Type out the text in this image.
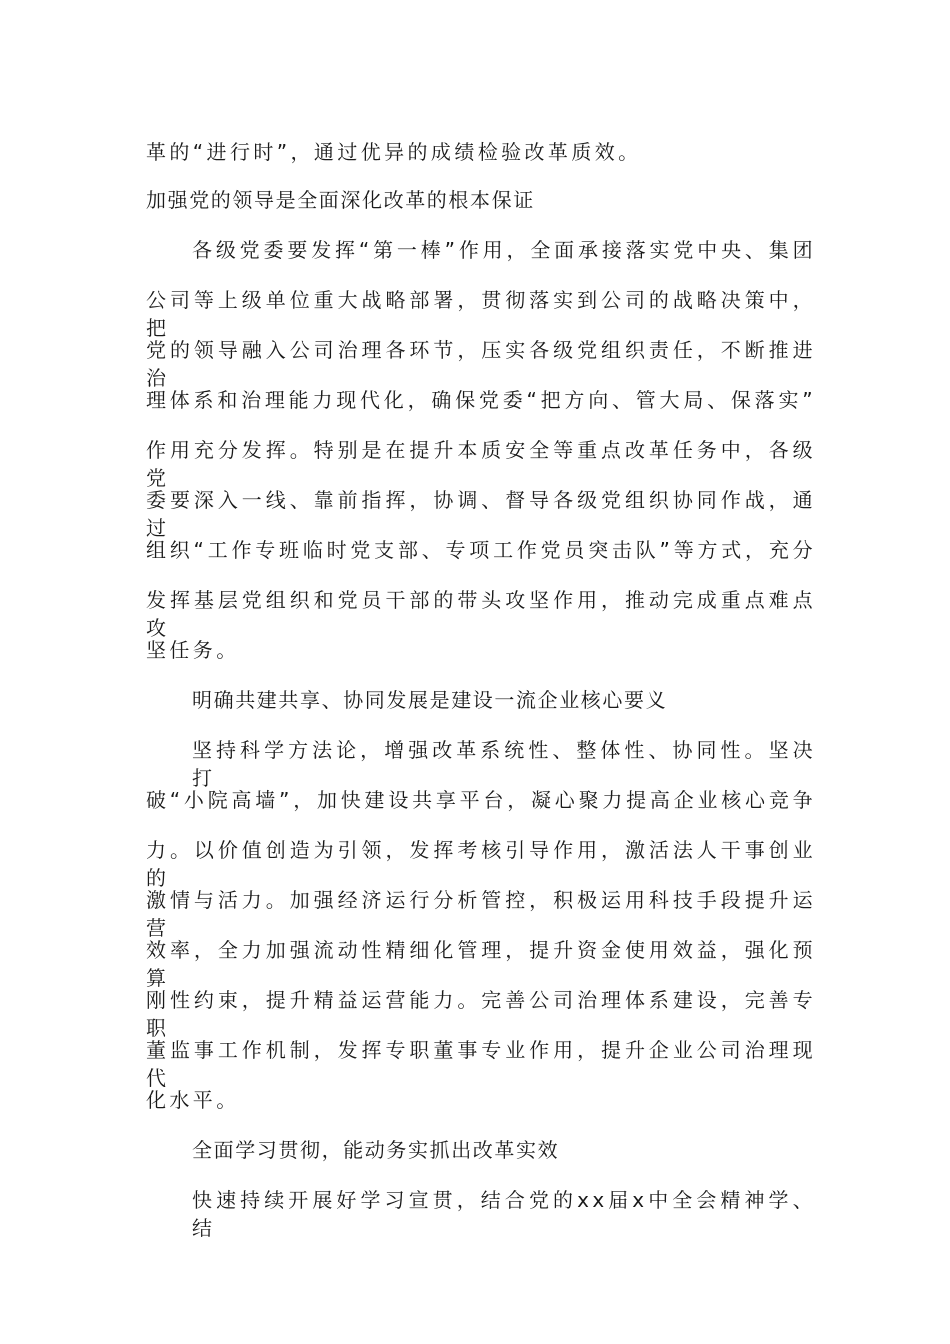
革的“进行时”，通过优异的成绩检验改革质效。
加强党的领导是全面深化改革的根本保证
各级党委要发挥“第一棒”作用，全面承接落实党中央、集团
公司等上级单位重大战略部署，贯彻落实到公司的战略决策中，把
党的领导融入公司治理各环节，压实各级党组织责任，不断推进治
理体系和治理能力现代化，确保党委“把方向、管大局、保落实”
作用充分发挥。特别是在提升本质安全等重点改革任务中，各级党
委要深入一线、靠前指挥，协调、督导各级党组织协同作战，通过
组织“工作专班临时党支部、专项工作党员突击队”等方式，充分
发挥基层党组织和党员干部的带头攻坚作用，推动完成重点难点攻
坚任务。
明确共建共享、协同发展是建设一流企业核心要义
坚持科学方法论，增强改革系统性、整体性、协同性。坚决打
破“小院高墙”，加快建设共享平台，凝心聚力提高企业核心竞争
力。以价值创造为引领，发挥考核引导作用，激活法人干事创业的
激情与活力。加强经济运行分析管控，积极运用科技手段提升运营
效率，全力加强流动性精细化管理，提升资金使用效益，强化预算
刚性约束，提升精益运营能力。完善公司治理体系建设，完善专职
董监事工作机制，发挥专职董事专业作用，提升企业公司治理现代
化水平。
全面学习贯彻，能动务实抓出改革实效
快速持续开展好学习宣贯，结合党的xx届x中全会精神学、结
